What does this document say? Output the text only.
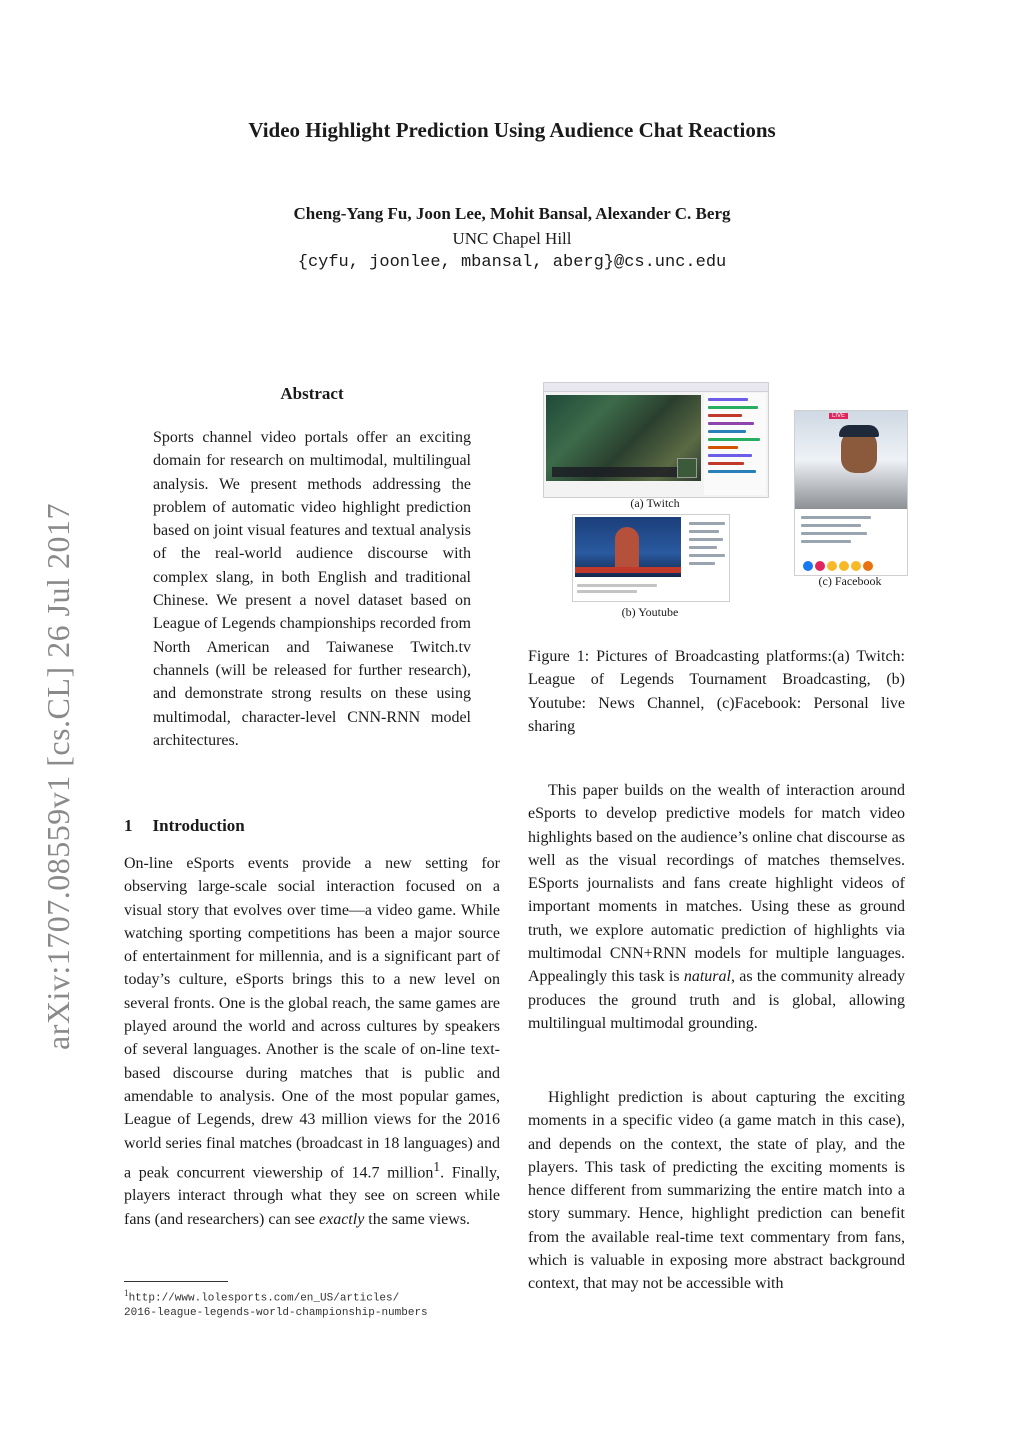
Video Highlight Prediction Using Audience Chat Reactions
Cheng-Yang Fu, Joon Lee, Mohit Bansal, Alexander C. Berg
UNC Chapel Hill
{cyfu, joonlee, mbansal, aberg}@cs.unc.edu
arXiv:1707.08559v1 [cs.CL] 26 Jul 2017
Abstract
Sports channel video portals offer an exciting domain for research on multimodal, multilingual analysis. We present methods addressing the problem of automatic video highlight prediction based on joint visual features and textual analysis of the real-world audience discourse with complex slang, in both English and traditional Chinese. We present a novel dataset based on League of Legends championships recorded from North American and Taiwanese Twitch.tv channels (will be released for further research), and demonstrate strong results on these using multimodal, character-level CNN-RNN model architectures.
1 Introduction
On-line eSports events provide a new setting for observing large-scale social interaction focused on a visual story that evolves over time—a video game. While watching sporting competitions has been a major source of entertainment for millennia, and is a significant part of today’s culture, eSports brings this to a new level on several fronts. One is the global reach, the same games are played around the world and across cultures by speakers of several languages. Another is the scale of on-line text-based discourse during matches that is public and amendable to analysis. One of the most popular games, League of Legends, drew 43 million views for the 2016 world series final matches (broadcast in 18 languages) and a peak concurrent viewership of 14.7 million$^1$. Finally, players interact through what they see on screen while fans (and researchers) can see exactly the same views.
$^1$http://www.lolesports.com/en_US/articles/
2016-league-legends-world-championship-numbers
(a) Twitch
(b) Youtube
LIVE
(c) Facebook
Figure 1: Pictures of Broadcasting platforms:(a) Twitch: League of Legends Tournament Broadcasting, (b) Youtube: News Channel, (c)Facebook: Personal live sharing
This paper builds on the wealth of interaction around eSports to develop predictive models for match video highlights based on the audience’s online chat discourse as well as the visual recordings of matches themselves. ESports journalists and fans create highlight videos of important moments in matches. Using these as ground truth, we explore automatic prediction of highlights via multimodal CNN+RNN models for multiple languages. Appealingly this task is natural, as the community already produces the ground truth and is global, allowing multilingual multimodal grounding.
Highlight prediction is about capturing the exciting moments in a specific video (a game match in this case), and depends on the context, the state of play, and the players. This task of predicting the exciting moments is hence different from summarizing the entire match into a story summary. Hence, highlight prediction can benefit from the available real-time text commentary from fans, which is valuable in exposing more abstract background context, that may not be accessible with
